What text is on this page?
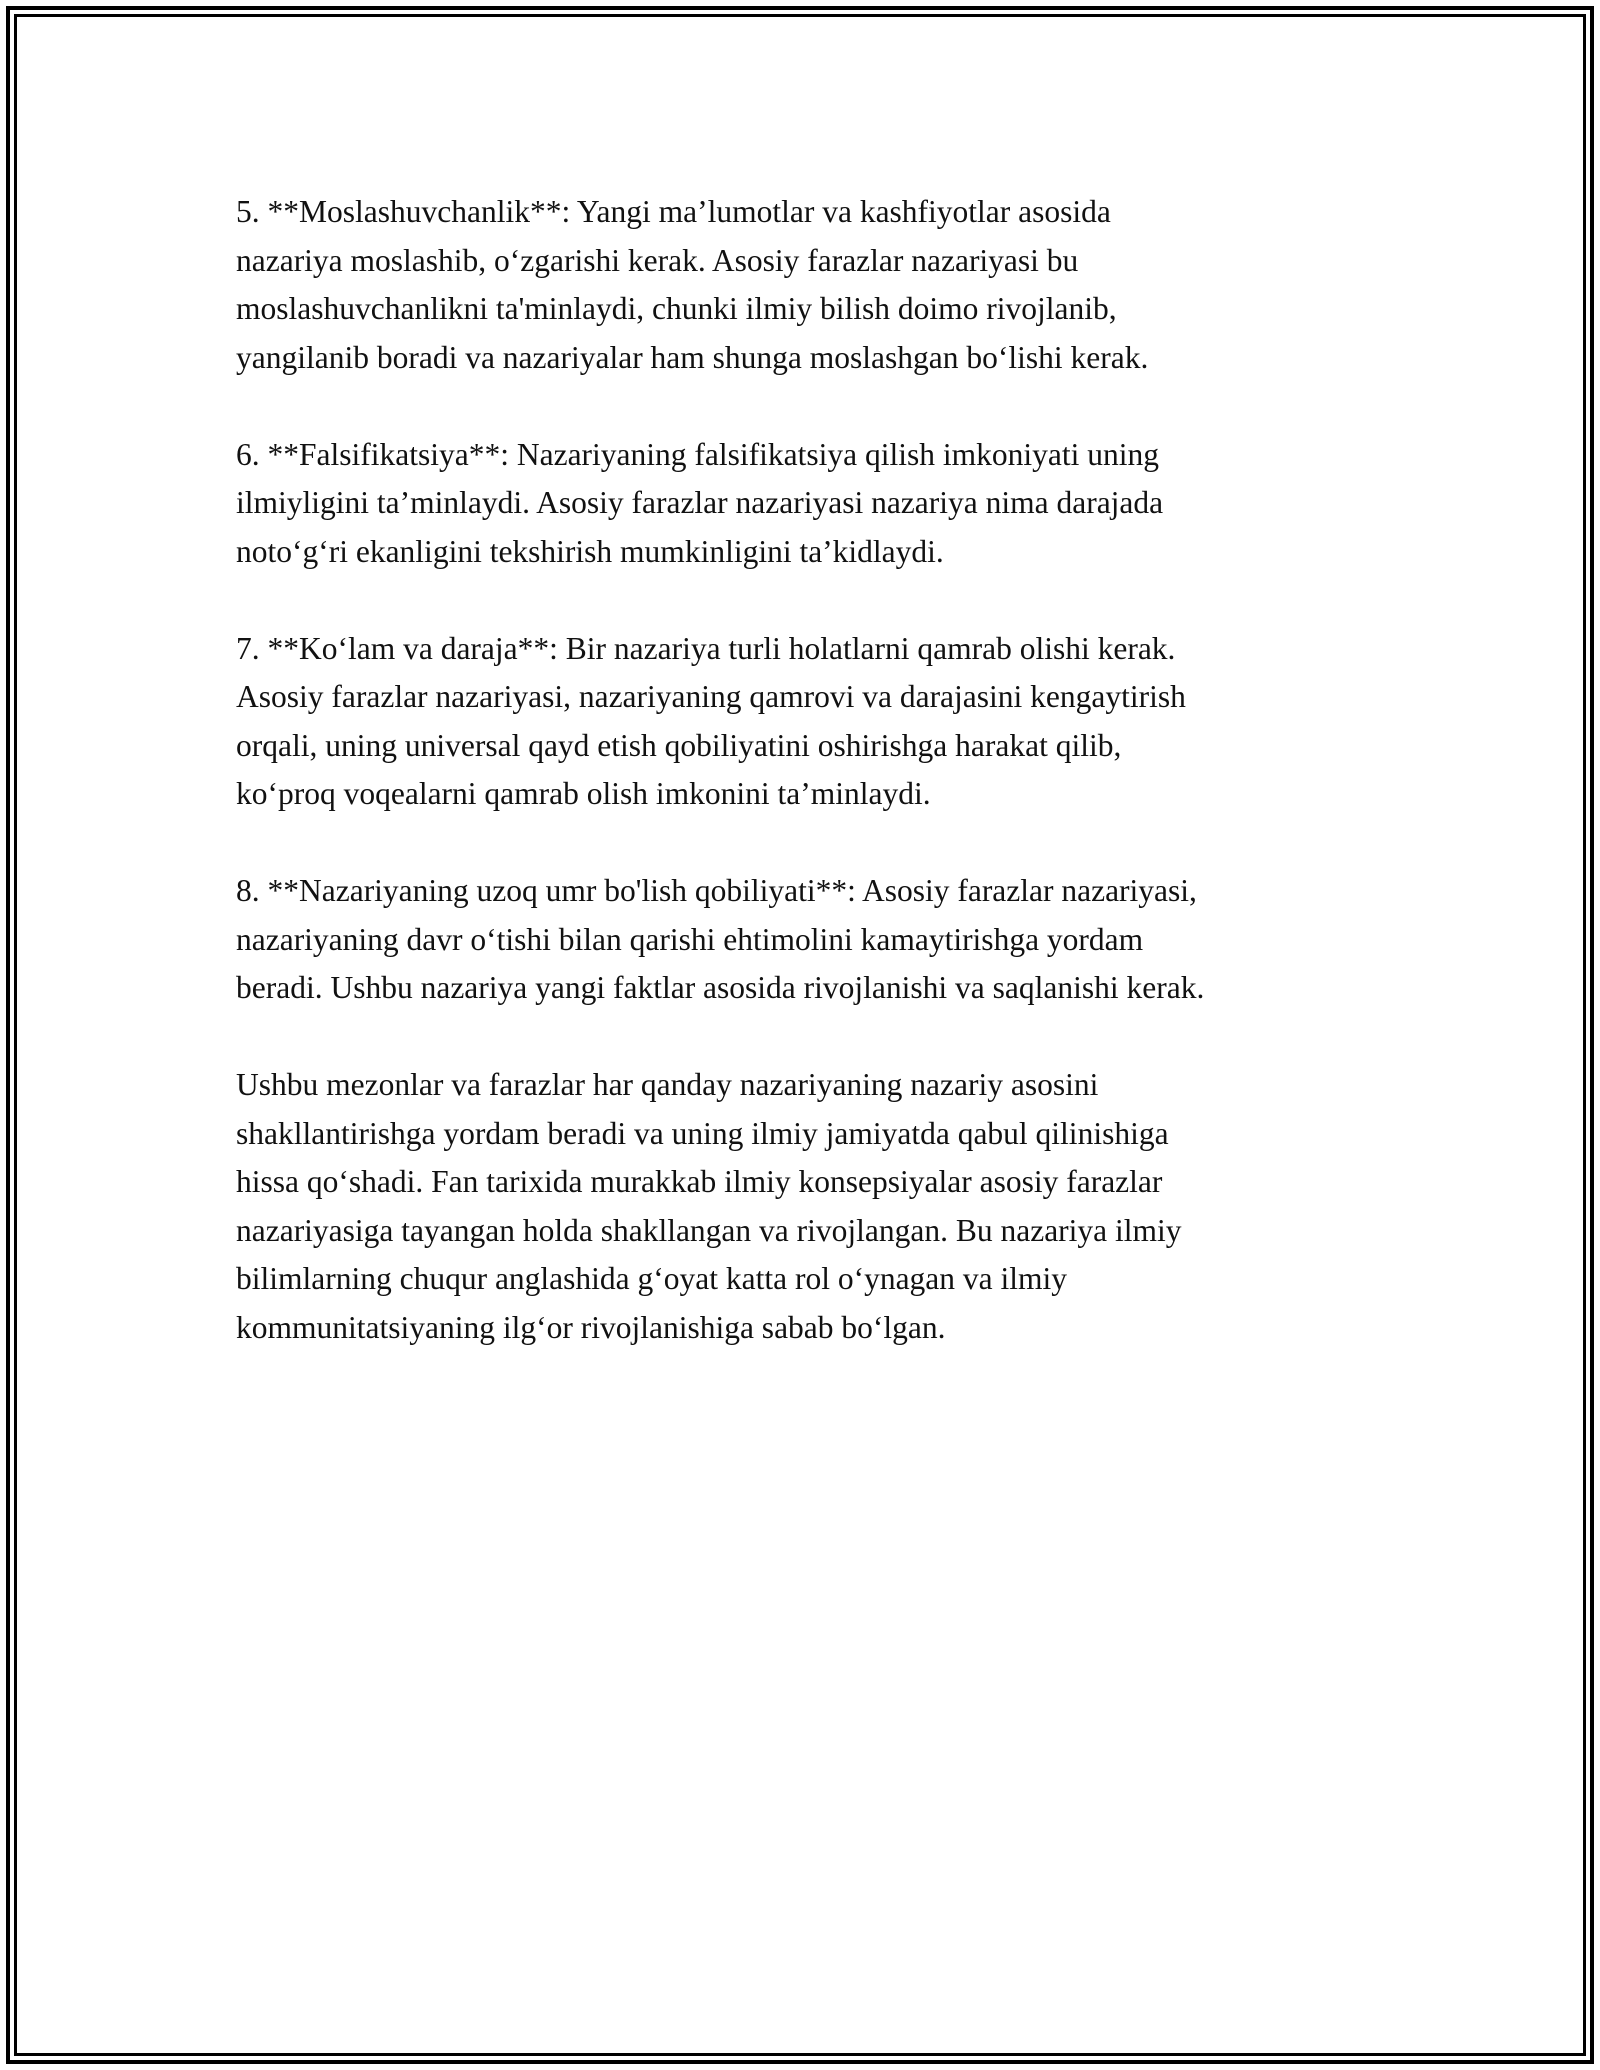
5. **Moslashuvchanlik**: Yangi ma’lumotlar va kashfiyotlar asosida
nazariya moslashib, o‘zgarishi kerak. Asosiy farazlar nazariyasi bu
moslashuvchanlikni ta'minlaydi, chunki ilmiy bilish doimo rivojlanib,
yangilanib boradi va nazariyalar ham shunga moslashgan bo‘lishi kerak.

6. **Falsifikatsiya**: Nazariyaning falsifikatsiya qilish imkoniyati uning
ilmiyligini ta’minlaydi. Asosiy farazlar nazariyasi nazariya nima darajada
noto‘g‘ri ekanligini tekshirish mumkinligini ta’kidlaydi.

7. **Ko‘lam va daraja**: Bir nazariya turli holatlarni qamrab olishi kerak.
Asosiy farazlar nazariyasi, nazariyaning qamrovi va darajasini kengaytirish
orqali, uning universal qayd etish qobiliyatini oshirishga harakat qilib,
ko‘proq voqealarni qamrab olish imkonini ta’minlaydi.

8. **Nazariyaning uzoq umr bo'lish qobiliyati**: Asosiy farazlar nazariyasi,
nazariyaning davr o‘tishi bilan qarishi ehtimolini kamaytirishga yordam
beradi. Ushbu nazariya yangi faktlar asosida rivojlanishi va saqlanishi kerak.

Ushbu mezonlar va farazlar har qanday nazariyaning nazariy asosini
shakllantirishga yordam beradi va uning ilmiy jamiyatda qabul qilinishiga
hissa qo‘shadi. Fan tarixida murakkab ilmiy konsepsiyalar asosiy farazlar
nazariyasiga tayangan holda shakllangan va rivojlangan. Bu nazariya ilmiy
bilimlarning chuqur anglashida g‘oyat katta rol o‘ynagan va ilmiy
kommunitatsiyaning ilg‘or rivojlanishiga sabab bo‘lgan.
